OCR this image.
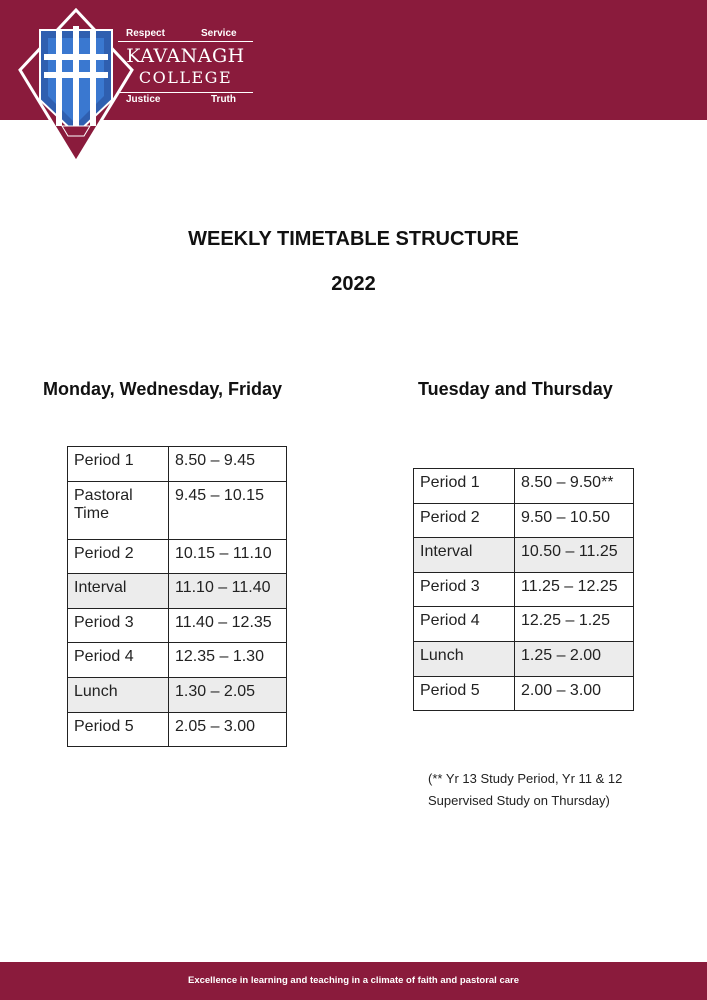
Respect	Service
KAVANAGH
COLLEGE
Justice	Truth
WEEKLY TIMETABLE STRUCTURE
2022
Monday, Wednesday, Friday	Tuesday and Thursday
Period 1	8.50 – 9.45
Pastoral Time	9.45 – 10.15
Period 2	10.15 – 11.10
Interval	11.10 – 11.40
Period 3	11.40 – 12.35
Period 4	12.35 – 1.30
Lunch	1.30 – 2.05
Period 5	2.05 – 3.00
Period 1	8.50 – 9.50**
Period 2	9.50 – 10.50
Interval	10.50 – 11.25
Period 3	11.25 – 12.25
Period 4	12.25 – 1.25
Lunch	1.25 – 2.00
Period 5	2.00 – 3.00
(** Yr 13 Study Period, Yr 11 & 12 Supervised Study on Thursday)
Excellence in learning and teaching in a climate of faith and pastoral care
